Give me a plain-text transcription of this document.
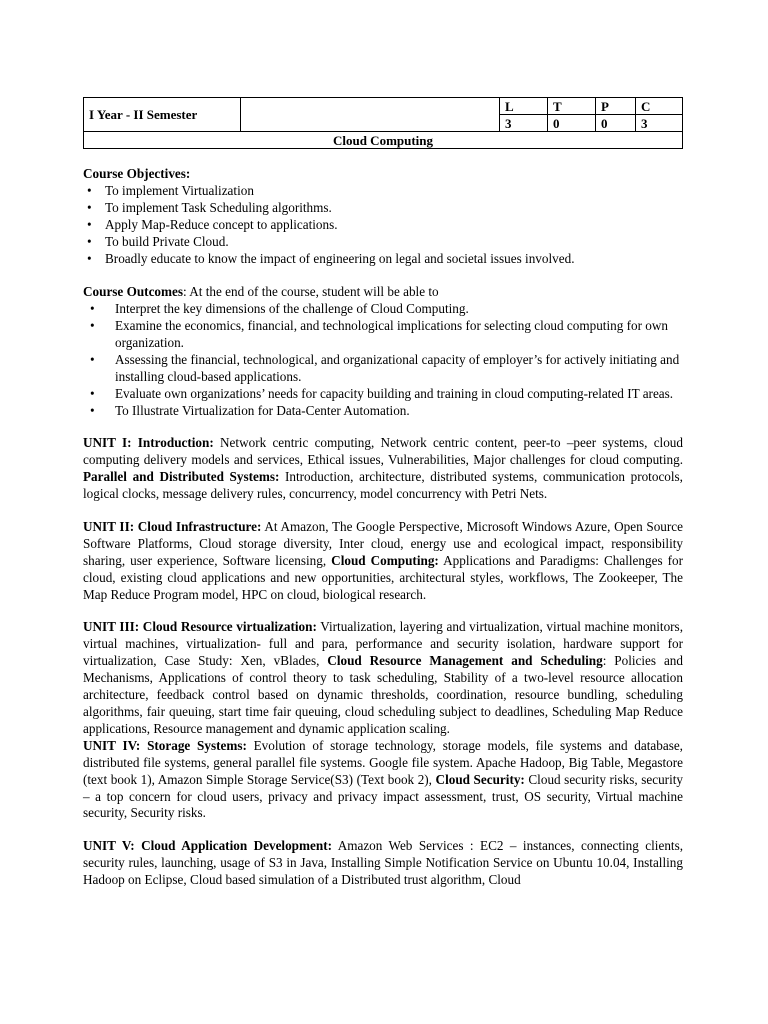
I Year - II Semester		L	T	P	C
		3	0	0	3
Cloud Computing					
Course Objectives:
• To implement Virtualization
• To implement Task Scheduling algorithms.
• Apply Map-Reduce concept to applications.
• To build Private Cloud.
• Broadly educate to know the impact of engineering on legal and societal issues involved.
Course Outcomes: At the end of the course, student will be able to
• Interpret the key dimensions of the challenge of Cloud Computing.
• Examine the economics, financial, and technological implications for selecting cloud computing for own organization.
• Assessing the financial, technological, and organizational capacity of employer’s for actively initiating and installing cloud-based applications.
• Evaluate own organizations’ needs for capacity building and training in cloud computing-related IT areas.
• To Illustrate Virtualization for Data-Center Automation.
UNIT I: Introduction: Network centric computing, Network centric content, peer-to –peer systems, cloud computing delivery models and services, Ethical issues, Vulnerabilities, Major challenges for cloud computing. Parallel and Distributed Systems: Introduction, architecture, distributed systems, communication protocols, logical clocks, message delivery rules, concurrency, model concurrency with Petri Nets.
UNIT II: Cloud Infrastructure: At Amazon, The Google Perspective, Microsoft Windows Azure, Open Source Software Platforms, Cloud storage diversity, Inter cloud, energy use and ecological impact, responsibility sharing, user experience, Software licensing, Cloud Computing: Applications and Paradigms: Challenges for cloud, existing cloud applications and new opportunities, architectural styles, workflows, The Zookeeper, The Map Reduce Program model, HPC on cloud, biological research.
UNIT III: Cloud Resource virtualization: Virtualization, layering and virtualization, virtual machine monitors, virtual machines, virtualization- full and para, performance and security isolation, hardware support for virtualization, Case Study: Xen, vBlades, Cloud Resource Management and Scheduling: Policies and Mechanisms, Applications of control theory to task scheduling, Stability of a two-level resource allocation architecture, feedback control based on dynamic thresholds, coordination, resource bundling, scheduling algorithms, fair queuing, start time fair queuing, cloud scheduling subject to deadlines, Scheduling Map Reduce applications, Resource management and dynamic application scaling.
UNIT IV: Storage Systems: Evolution of storage technology, storage models, file systems and database, distributed file systems, general parallel file systems. Google file system. Apache Hadoop, Big Table, Megastore (text book 1), Amazon Simple Storage Service(S3) (Text book 2), Cloud Security: Cloud security risks, security – a top concern for cloud users, privacy and privacy impact assessment, trust, OS security, Virtual machine security, Security risks.
UNIT V: Cloud Application Development: Amazon Web Services : EC2 – instances, connecting clients, security rules, launching, usage of S3 in Java, Installing Simple Notification Service on Ubuntu 10.04, Installing Hadoop on Eclipse, Cloud based simulation of a Distributed trust algorithm, Cloud
